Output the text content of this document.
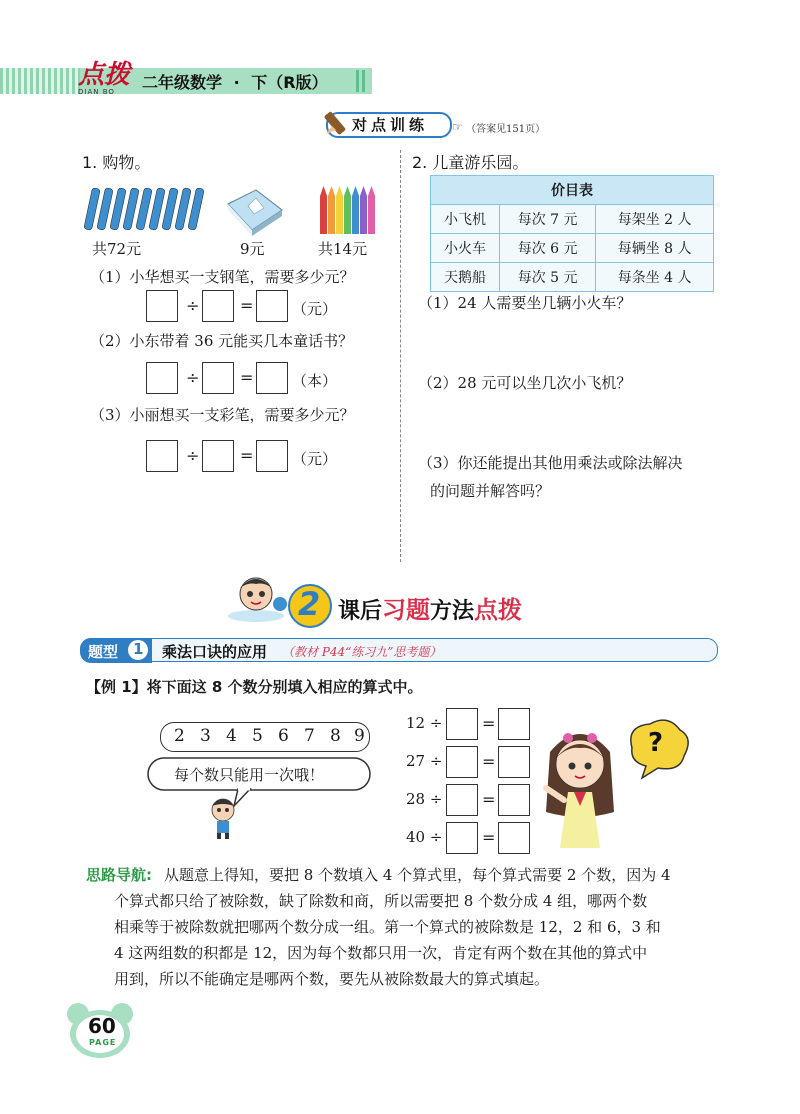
点拨
DIAN BO	二年级数学 · 下（R版）
对点训练 ☞ （答案见151页）
1. 购物。
共72元	9元	共14元
（1）小华想买一支钢笔，需要多少元？
÷	=	（元）
（2）小东带着 36 元能买几本童话书？
÷	=	（本）
（3）小丽想买一支彩笔，需要多少元？
÷	=	（元）
2. 儿童游乐园。
价目表		
小飞机	每次 7 元	每架坐 2 人
小火车	每次 6 元	每辆坐 8 人
天鹅船	每次 5 元	每条坐 4 人
（1）24 人需要坐几辆小火车？
（2）28 元可以坐几次小飞机？
（3）你还能提出其他用乘法或除法解决
的问题并解答吗？
2 课后习题方法点拨
题型 1 乘法口诀的应用 （教材 P44“练习九”思考题）
【例 1】将下面这 8 个数分别填入相应的算式中。
2 3 4 5 6 7 8 9
每个数只能用一次哦！
12 ÷ =
27 ÷ =
28 ÷ =
40 ÷ =
?
思路导航: 从题意上得知，要把 8 个数填入 4 个算式里，每个算式需要 2 个数，因为 4
个算式都只给了被除数，缺了除数和商，所以需要把 8 个数分成 4 组，哪两个数
相乘等于被除数就把哪两个数分成一组。第一个算式的被除数是 12，2 和 6，3 和
4 这两组数的积都是 12，因为每个数都只用一次，肯定有两个数在其他的算式中
用到，所以不能确定是哪两个数，要先从被除数最大的算式填起。
60
PAGE
